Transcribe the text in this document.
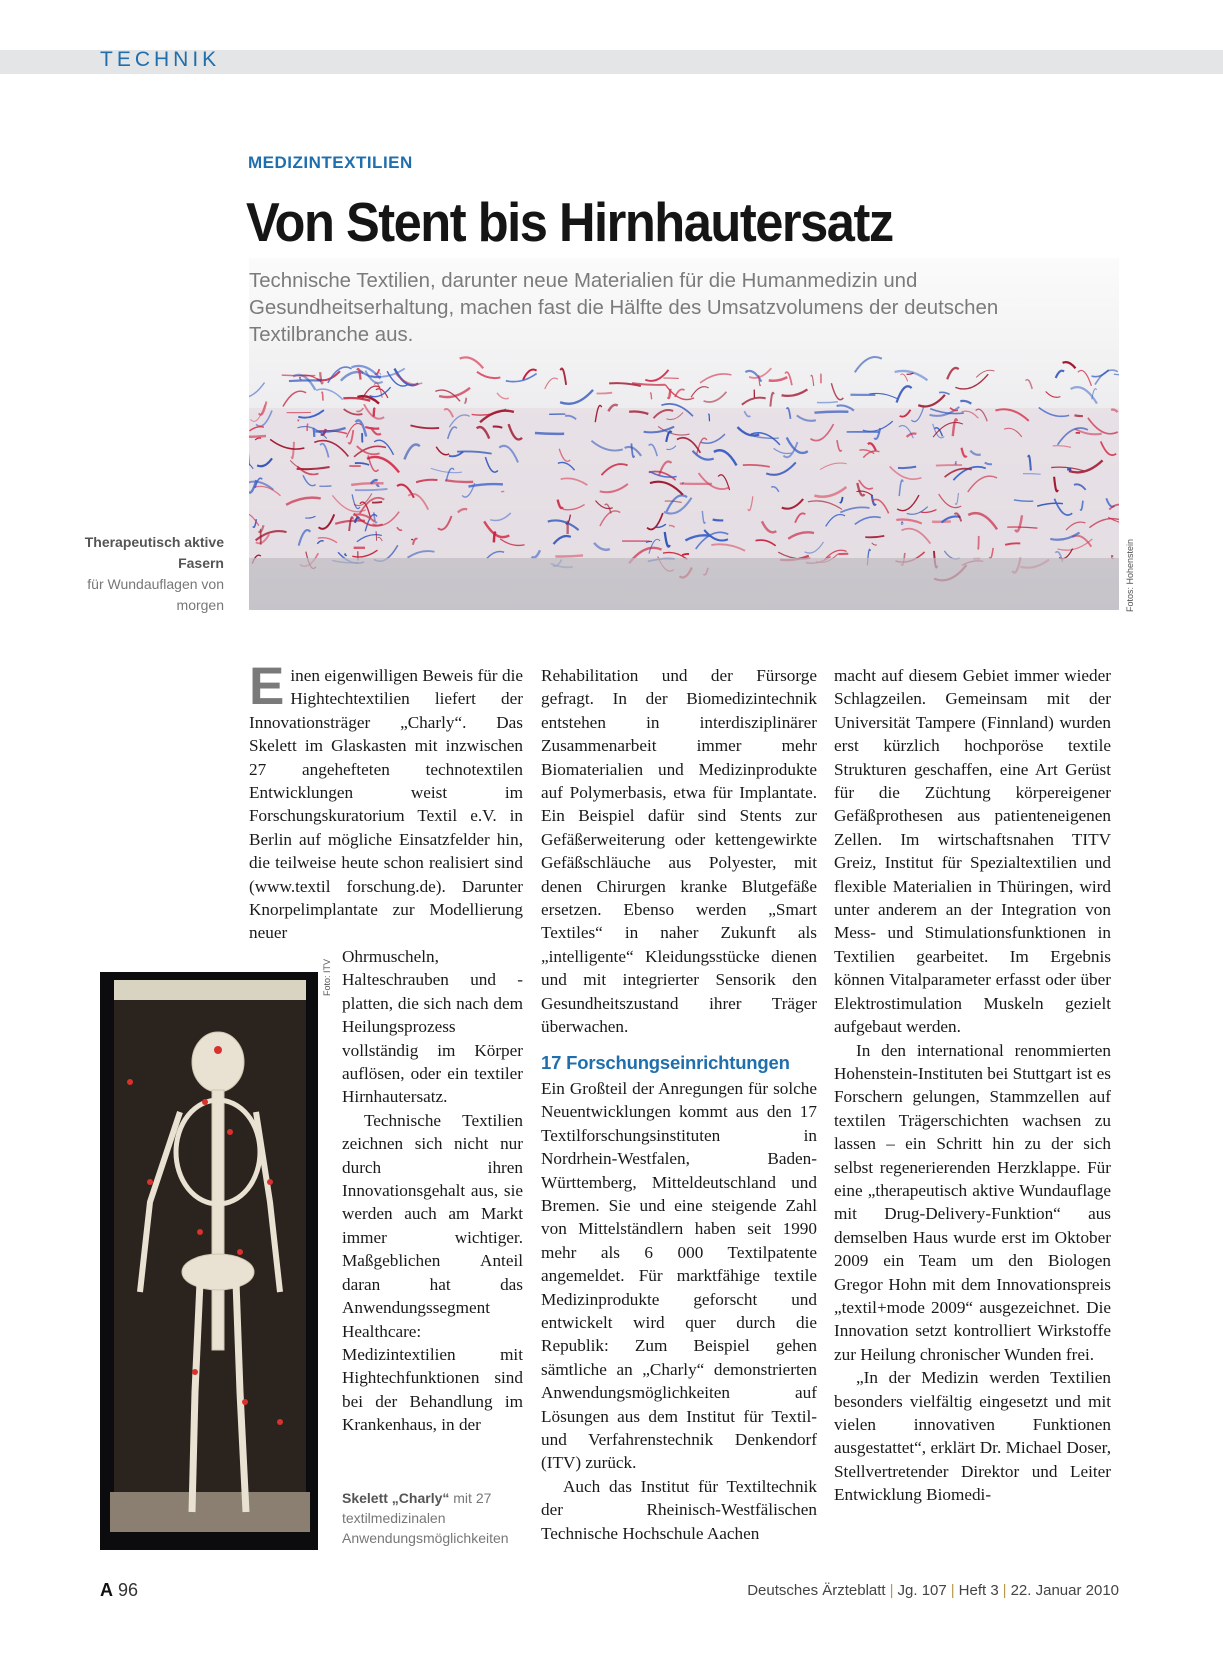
TECHNIK
MEDIZINTEXTILIEN
Von Stent bis Hirnhautersatz
Technische Textilien, darunter neue Materialien für die Humanmedizin und Gesundheitserhaltung, machen fast die Hälfte des Umsatzvolumens der deutschen Textilbranche aus.
Fotos: Hohenstein
Therapeutisch aktive Fasern
für Wundauflagen von morgen
E inen eigenwilligen Beweis für die Hightechtextilien liefert der Innovationsträger „Charly“. Das Skelett im Glaskasten mit inzwischen 27 angehefteten technotextilen Entwicklungen weist im Forschungskuratorium Textil e.V. in Berlin auf mögliche Einsatzfelder hin, die teilweise heute schon realisiert sind (www.textil forschung.de). Darunter Knorpelimplantate zur Modellierung neuer

Ohrmuscheln, Halteschrauben und -platten, die sich nach dem Heilungsprozess vollständig im Körper auflösen, oder ein textiler Hirnhautersatz.

Technische Textilien zeichnen sich nicht nur durch ihren Innovationsgehalt aus, sie werden auch am Markt immer wichtiger. Maßgeblichen Anteil daran hat das Anwendungssegment Healthcare: Medizintextilien mit Hightechfunktionen sind bei der Behandlung im Krankenhaus, in der

Foto: ITV
Skelett „Charly“ mit 27 textilmedizinalen Anwendungsmöglichkeiten

Rehabilitation und der Fürsorge gefragt. In der Biomedizintechnik entstehen in interdisziplinärer Zusammenarbeit immer mehr Biomaterialien und Medizinprodukte auf Polymerbasis, etwa für Implantate. Ein Beispiel dafür sind Stents zur Gefäßerweiterung oder kettengewirkte Gefäßschläuche aus Polyester, mit denen Chirurgen kranke Blutgefäße ersetzen. Ebenso werden „Smart Textiles“ in naher Zukunft als „intelligente“ Kleidungsstücke dienen und mit integrierter Sensorik den Gesundheitszustand ihrer Träger überwachen.

17 Forschungseinrichtungen

Ein Großteil der Anregungen für solche Neuentwicklungen kommt aus den 17 Textilforschungsinstituten in Nordrhein-Westfalen, Baden-Württemberg, Mitteldeutschland und Bremen. Sie und eine steigende Zahl von Mittelständlern haben seit 1990 mehr als 6 000 Textilpatente angemeldet. Für marktfähige textile Medizinprodukte geforscht und entwickelt wird quer durch die Republik: Zum Beispiel gehen sämtliche an „Charly“ demonstrierten Anwendungsmöglichkeiten auf Lösungen aus dem Institut für Textil- und Verfahrenstechnik Denkendorf (ITV) zurück.

Auch das Institut für Textiltechnik der Rheinisch-Westfälischen Technische Hochschule Aachen

macht auf diesem Gebiet immer wieder Schlagzeilen. Gemeinsam mit der Universität Tampere (Finnland) wurden erst kürzlich hochporöse textile Strukturen geschaffen, eine Art Gerüst für die Züchtung körpereigener Gefäßprothesen aus patienteneigenen Zellen. Im wirtschaftsnahen TITV Greiz, Institut für Spezialtextilien und flexible Materialien in Thüringen, wird unter anderem an der Integration von Mess- und Stimulationsfunktionen in Textilien gearbeitet. Im Ergebnis können Vitalparameter erfasst oder über Elektrostimulation Muskeln gezielt aufgebaut werden.

In den international renommierten Hohenstein-Instituten bei Stuttgart ist es Forschern gelungen, Stammzellen auf textilen Trägerschichten wachsen zu lassen – ein Schritt hin zu der sich selbst regenerierenden Herzklappe. Für eine „therapeutisch aktive Wundauflage mit Drug-Delivery-Funktion“ aus demselben Haus wurde erst im Oktober 2009 ein Team um den Biologen Gregor Hohn mit dem Innovationspreis „textil+mode 2009“ ausgezeichnet. Die Innovation setzt kontrolliert Wirkstoffe zur Heilung chronischer Wunden frei.

„In der Medizin werden Textilien besonders vielfältig eingesetzt und mit vielen innovativen Funktionen ausgestattet“, erklärt Dr. Michael Doser, Stellvertretender Direktor und Leiter Entwicklung Biomedi-

A 96	Deutsches Ärzteblatt | Jg. 107 | Heft 3 | 22. Januar 2010
